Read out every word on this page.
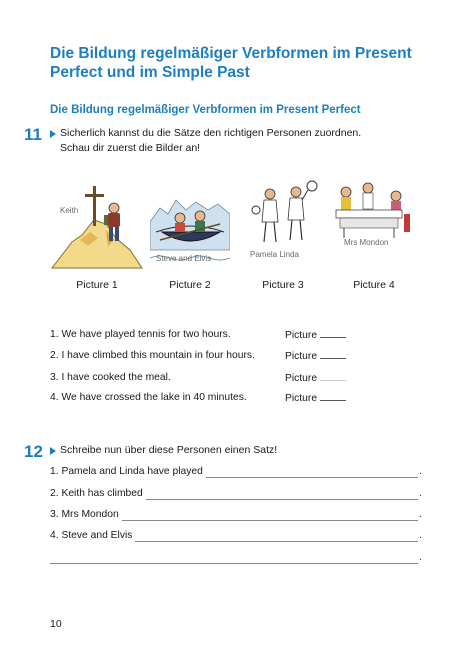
Die Bildung regelmäßiger Verbformen im Present Perfect und im Simple Past
Die Bildung regelmäßiger Verbformen im Present Perfect
11 Sicherlich kannst du die Sätze den richtigen Personen zuordnen.
Schau dir zuerst die Bilder an!
Keith
Steve and Elvis	Pamela Linda
Mrs Mondon
Picture 1	Picture 2	Picture 3	Picture 4
1. We have played tennis for two hours.	Picture
2. I have climbed this mountain in four hours.	Picture
3. I have cooked the meal.	Picture
4. We have crossed the lake in 40 minutes.	Picture
12 Schreibe nun über diese Personen einen Satz!
1. Pamela and Linda have played	.
2. Keith has climbed	.
3. Mrs Mondon	.
4. Steve and Elvis	.
.
10
